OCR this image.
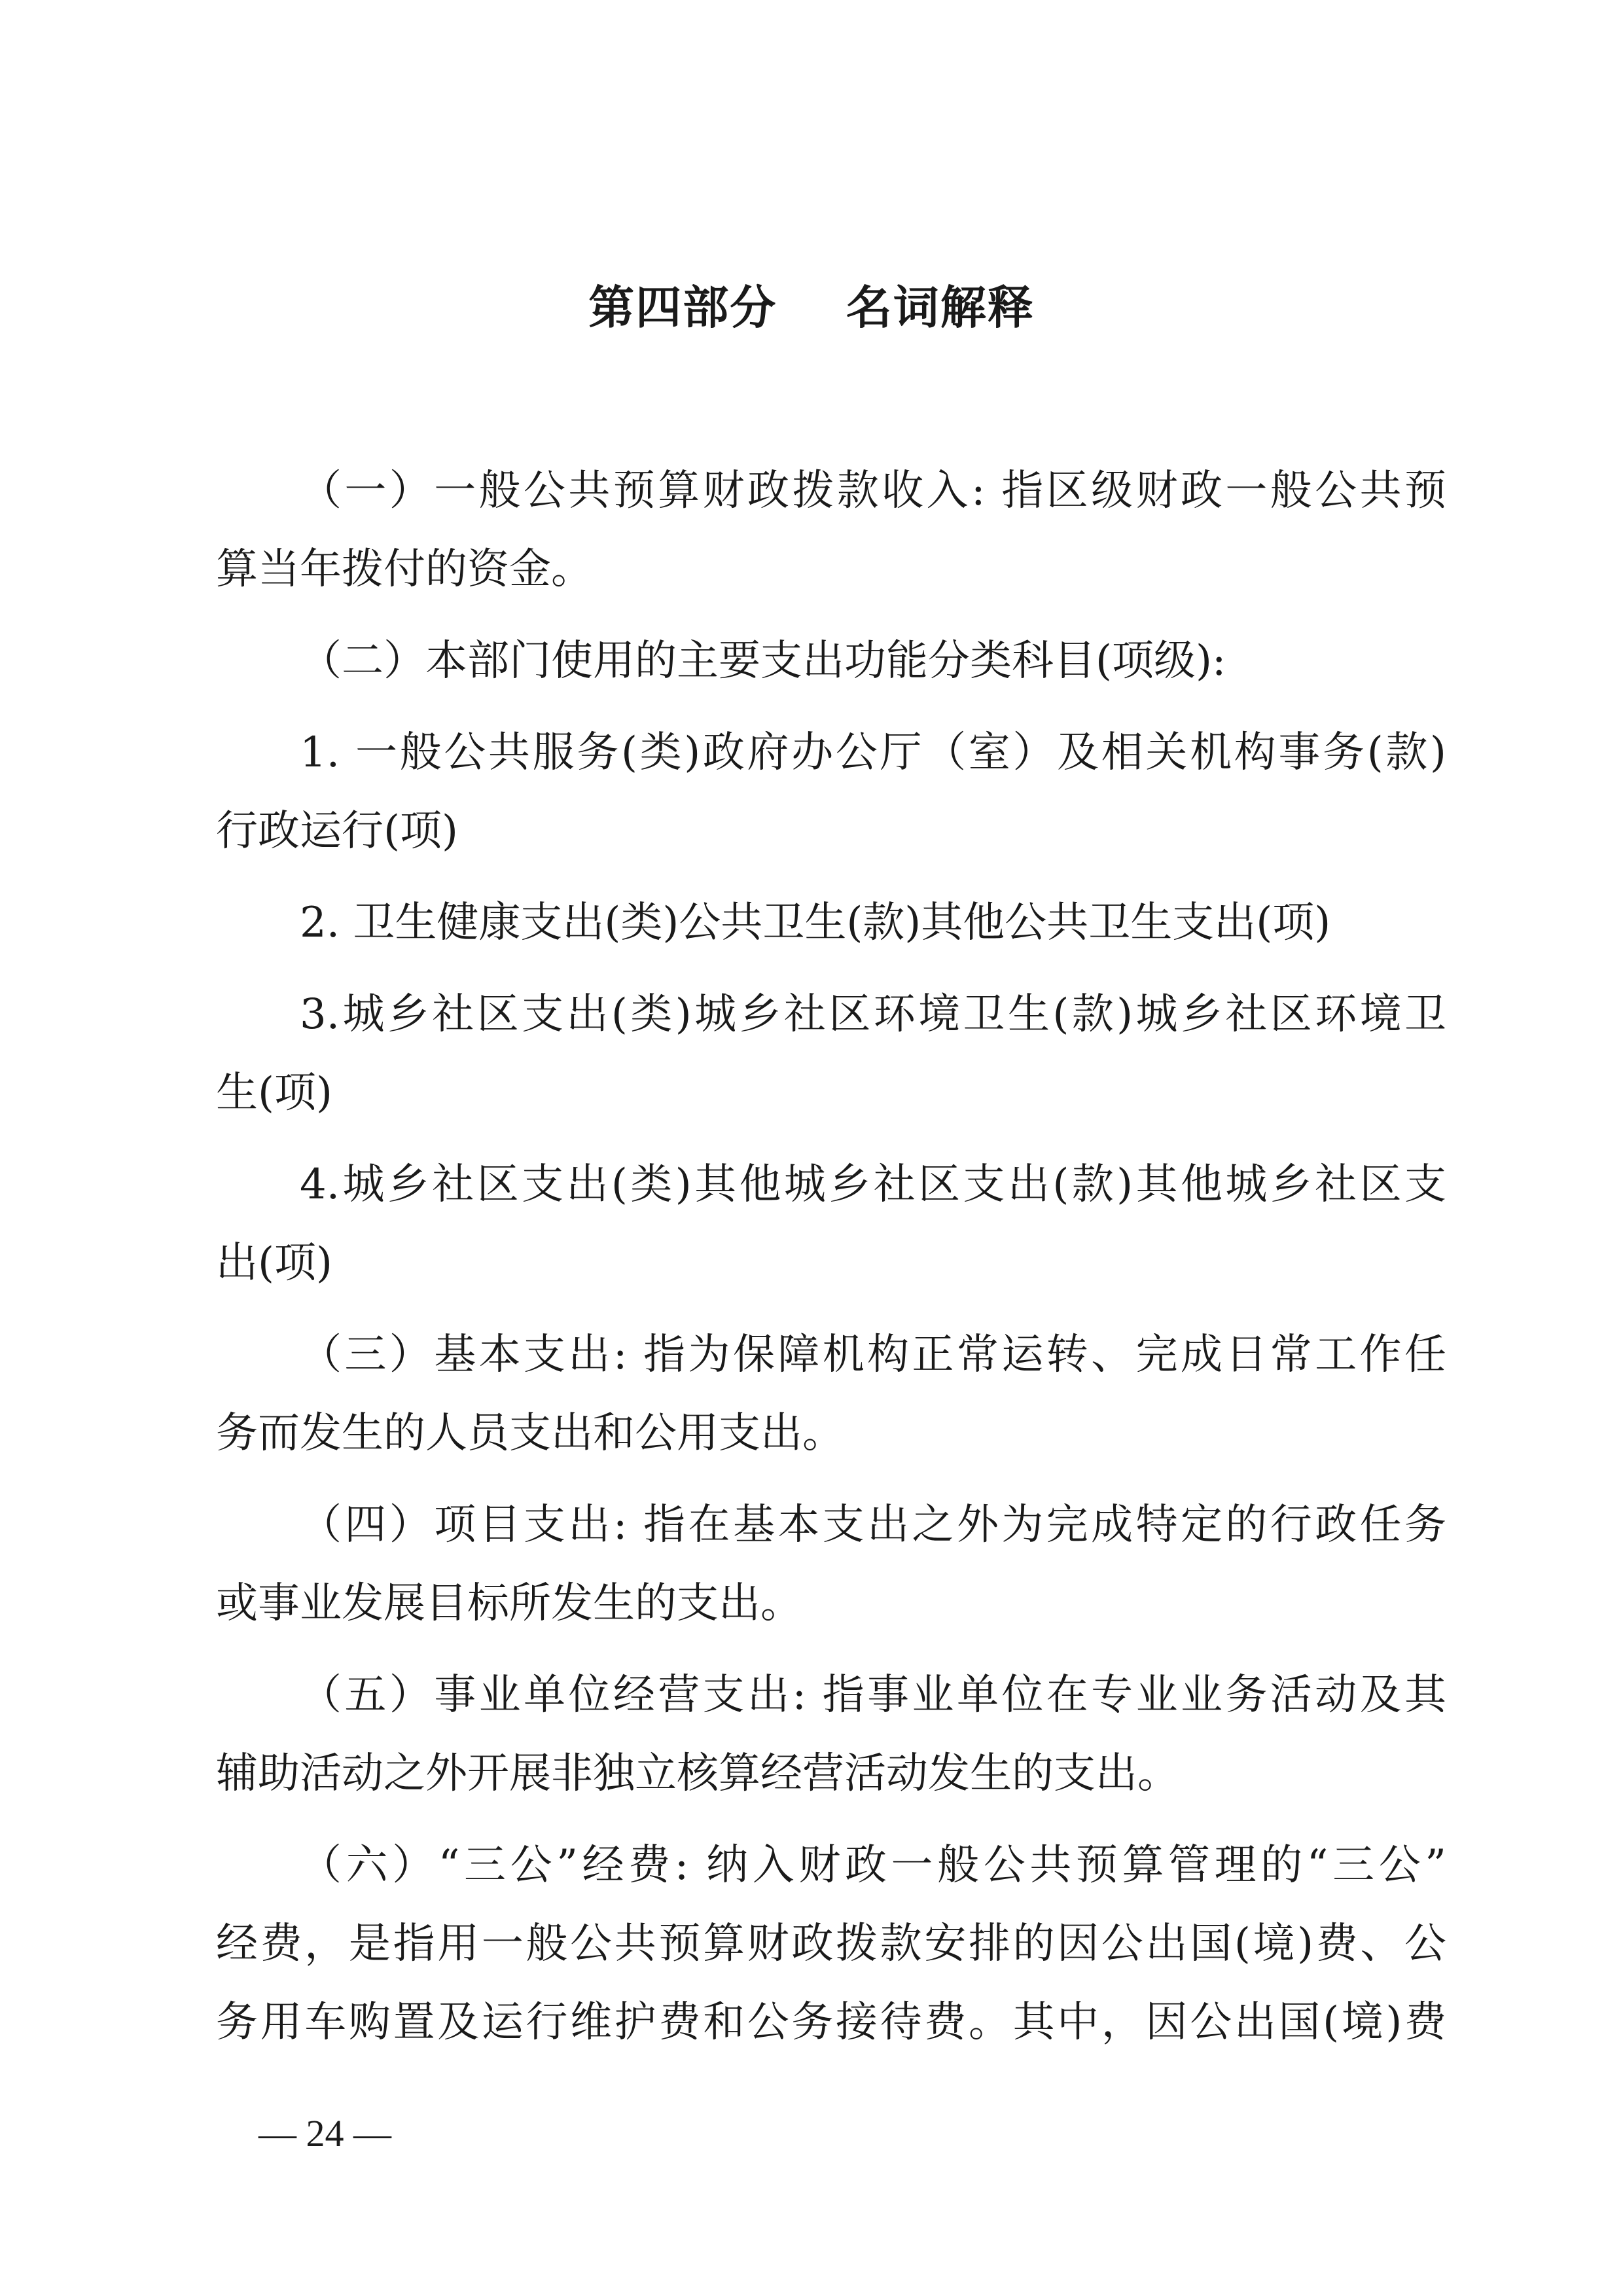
第四部分    名词解释
（一）一般公共预算财政拨款收入: 指区级财政一般公共预
算当年拨付的资金。
（二）本部门使用的主要支出功能分类科目(项级):
1. 一般公共服务(类)政府办公厅（室）及相关机构事务(款)
行政运行(项)
2. 卫生健康支出(类)公共卫生(款)其他公共卫生支出(项)
3.城乡社区支出(类)城乡社区环境卫生(款)城乡社区环境卫
生(项)
4.城乡社区支出(类)其他城乡社区支出(款)其他城乡社区支
出(项)
（三）基本支出: 指为保障机构正常运转、完成日常工作任
务而发生的人员支出和公用支出。
（四）项目支出: 指在基本支出之外为完成特定的行政任务
或事业发展目标所发生的支出。
（五）事业单位经营支出: 指事业单位在专业业务活动及其
辅助活动之外开展非独立核算经营活动发生的支出。
（六）“三公”经费: 纳入财政一般公共预算管理的“三公”
经费，是指用一般公共预算财政拨款安排的因公出国(境)费、公
务用车购置及运行维护费和公务接待费。其中，因公出国(境)费
— 24 —
